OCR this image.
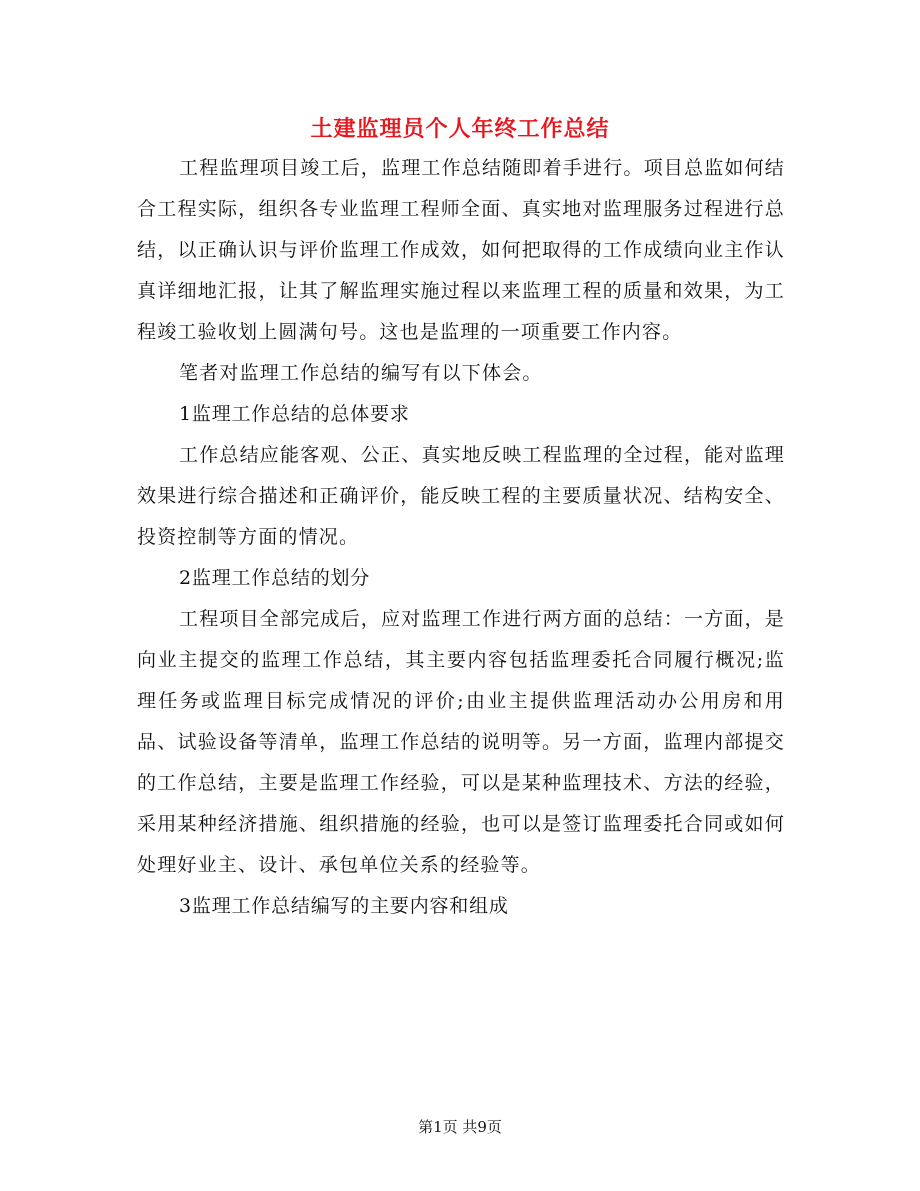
土建监理员个人年终工作总结

工程监理项目竣工后，监理工作总结随即着手进行。项目总监如何结合工程实际，组织各专业监理工程师全面、真实地对监理服务过程进行总结，以正确认识与评价监理工作成效，如何把取得的工作成绩向业主作认真详细地汇报，让其了解监理实施过程以来监理工程的质量和效果，为工程竣工验收划上圆满句号。这也是监理的一项重要工作内容。

笔者对监理工作总结的编写有以下体会。

1监理工作总结的总体要求

工作总结应能客观、公正、真实地反映工程监理的全过程，能对监理效果进行综合描述和正确评价，能反映工程的主要质量状况、结构安全、投资控制等方面的情况。

2监理工作总结的划分

工程项目全部完成后，应对监理工作进行两方面的总结：一方面，是向业主提交的监理工作总结，其主要内容包括监理委托合同履行概况;监理任务或监理目标完成情况的评价;由业主提供监理活动办公用房和用品、试验设备等清单，监理工作总结的说明等。另一方面，监理内部提交的工作总结，主要是监理工作经验，可以是某种监理技术、方法的经验，采用某种经济措施、组织措施的经验，也可以是签订监理委托合同或如何处理好业主、设计、承包单位关系的经验等。

3监理工作总结编写的主要内容和组成

第1页 共9页
